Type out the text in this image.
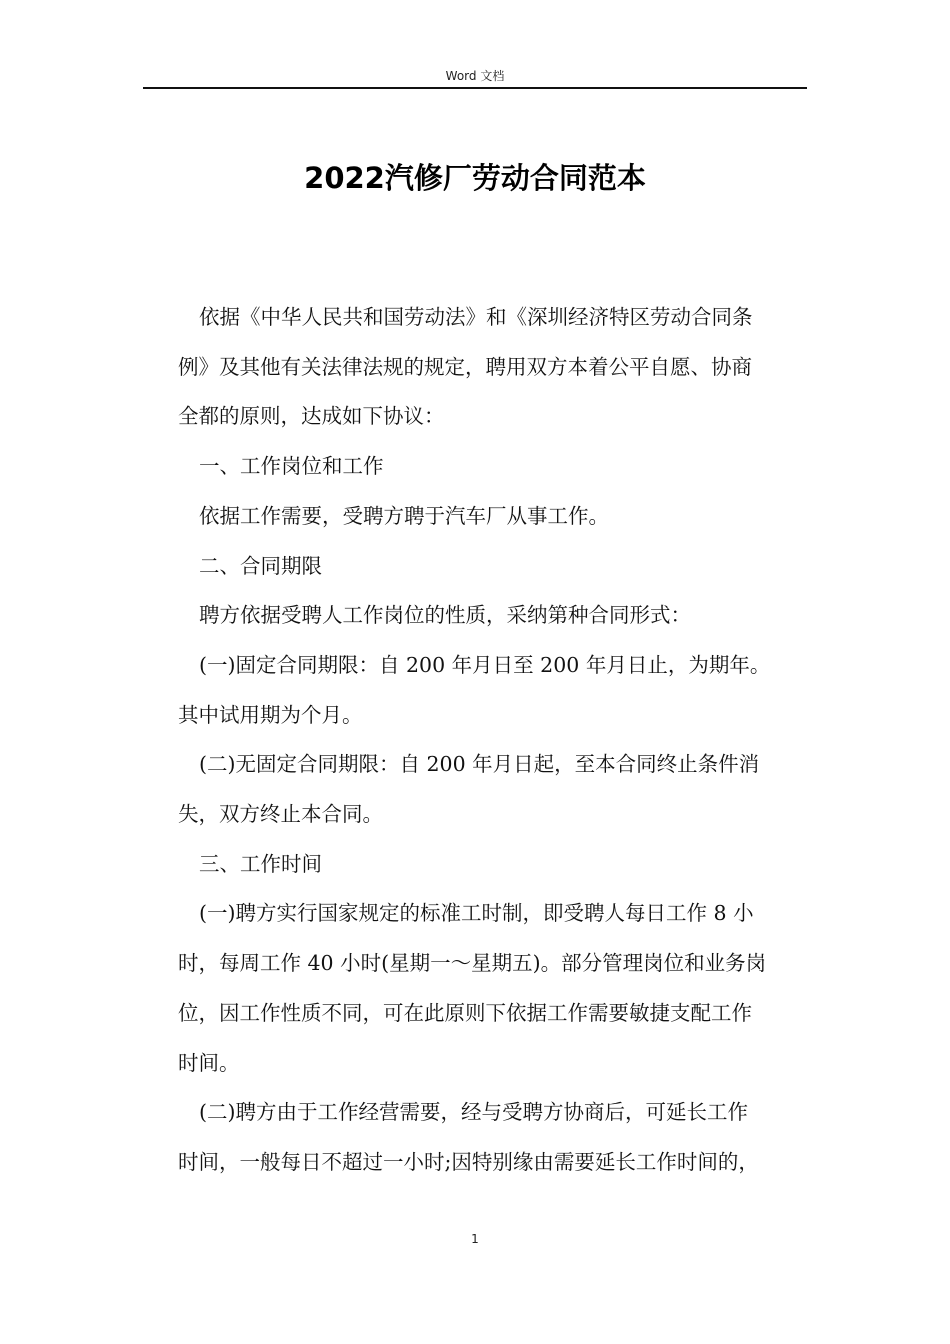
Word 文档
2022汽修厂劳动合同范本
依据《中华人民共和国劳动法》和《深圳经济特区劳动合同条
例》及其他有关法律法规的规定，聘用双方本着公平自愿、协商
全都的原则，达成如下协议：
一、工作岗位和工作
依据工作需要，受聘方聘于汽车厂从事工作。
二、合同期限
聘方依据受聘人工作岗位的性质，采纳第种合同形式：
(一)固定合同期限：自 200 年月日至 200 年月日止，为期年。
其中试用期为个月。
(二)无固定合同期限：自 200 年月日起，至本合同终止条件消
失，双方终止本合同。
三、工作时间
(一)聘方实行国家规定的标准工时制，即受聘人每日工作 8 小
时，每周工作 40 小时(星期一～星期五)。部分管理岗位和业务岗
位，因工作性质不同，可在此原则下依据工作需要敏捷支配工作
时间。
(二)聘方由于工作经营需要，经与受聘方协商后，可延长工作
时间，一般每日不超过一小时;因特别缘由需要延长工作时间的，
1
